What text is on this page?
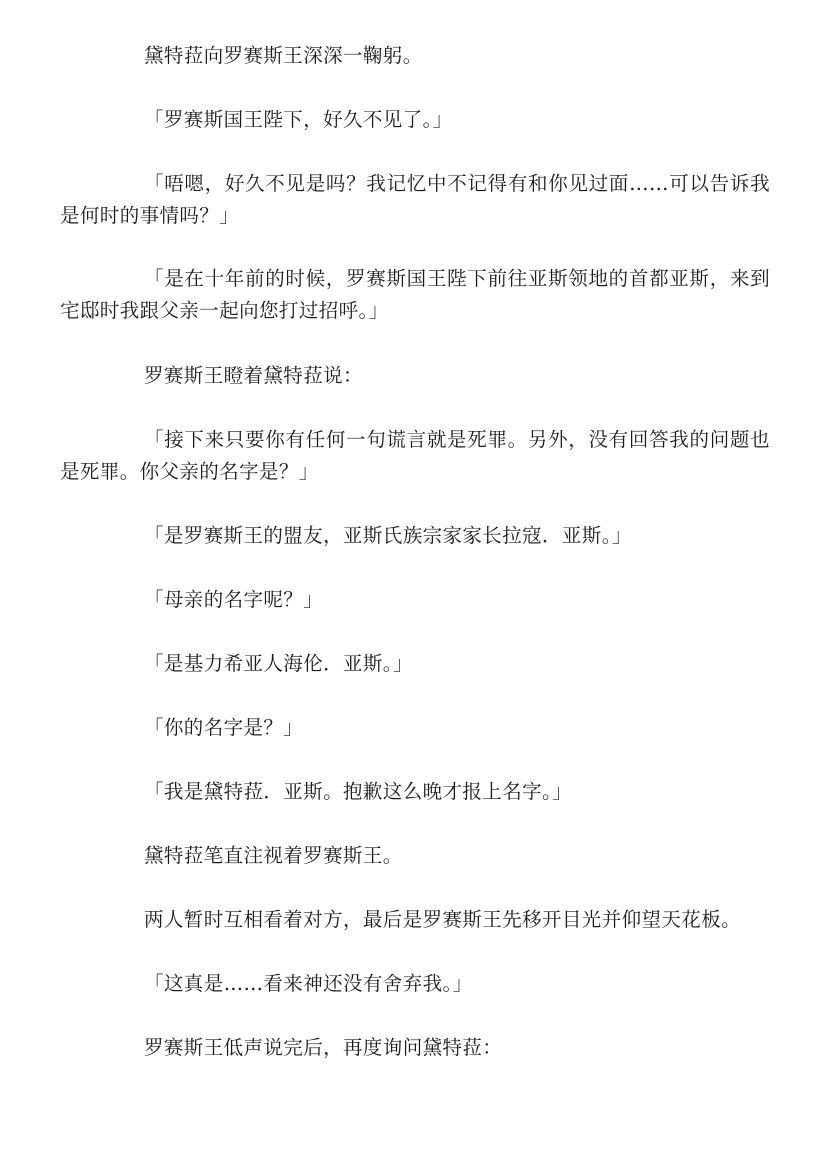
黛特菈向罗赛斯王深深一鞠躬。

「罗赛斯国王陛下，好久不见了。」

「唔嗯，好久不见是吗？我记忆中不记得有和你见过面……可以告诉我是何时的事情吗？」

「是在十年前的时候，罗赛斯国王陛下前往亚斯领地的首都亚斯，来到宅邸时我跟父亲一起向您打过招呼。」

罗赛斯王瞪着黛特菈说：

「接下来只要你有任何一句谎言就是死罪。另外，没有回答我的问题也是死罪。你父亲的名字是？」

「是罗赛斯王的盟友，亚斯氏族宗家家长拉寇．亚斯。」

「母亲的名字呢？」

「是基力希亚人海伦．亚斯。」

「你的名字是？」

「我是黛特菈．亚斯。抱歉这么晚才报上名字。」

黛特菈笔直注视着罗赛斯王。

两人暂时互相看着对方，最后是罗赛斯王先移开目光并仰望天花板。

「这真是……看来神还没有舍弃我。」

罗赛斯王低声说完后，再度询问黛特菈：
